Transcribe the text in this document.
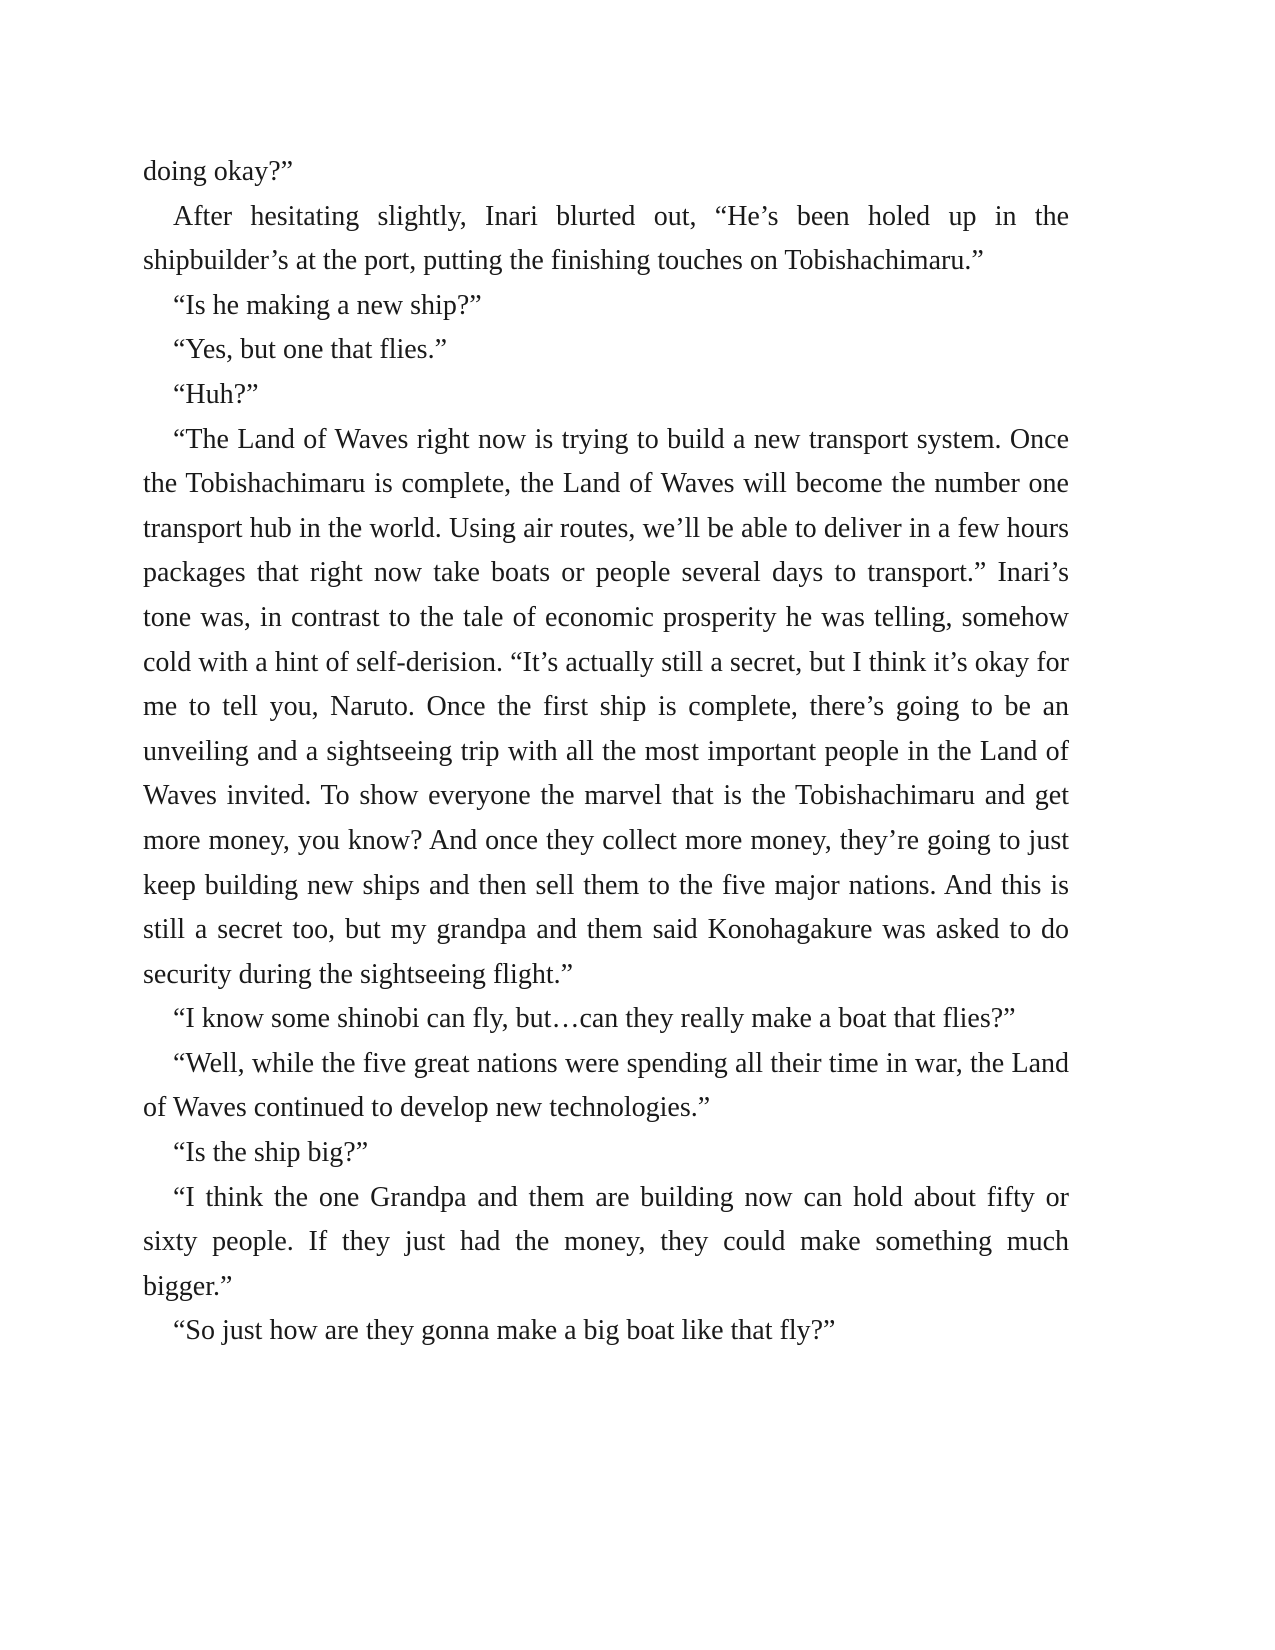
doing okay?”

After hesitating slightly, Inari blurted out, “He’s been holed up in the shipbuilder’s at the port, putting the finishing touches on Tobishachimaru.”

“Is he making a new ship?”

“Yes, but one that flies.”

“Huh?”

“The Land of Waves right now is trying to build a new transport system. Once the Tobishachimaru is complete, the Land of Waves will become the number one transport hub in the world. Using air routes, we’ll be able to deliver in a few hours packages that right now take boats or people several days to transport.” Inari’s tone was, in contrast to the tale of economic prosperity he was telling, somehow cold with a hint of self-derision. “It’s actually still a secret, but I think it’s okay for me to tell you, Naruto. Once the first ship is complete, there’s going to be an unveiling and a sightseeing trip with all the most important people in the Land of Waves invited. To show everyone the marvel that is the Tobishachimaru and get more money, you know? And once they collect more money, they’re going to just keep building new ships and then sell them to the five major nations. And this is still a secret too, but my grandpa and them said Konohagakure was asked to do security during the sightseeing flight.”

“I know some shinobi can fly, but…can they really make a boat that flies?”

“Well, while the five great nations were spending all their time in war, the Land of Waves continued to develop new technologies.”

“Is the ship big?”

“I think the one Grandpa and them are building now can hold about fifty or sixty people. If they just had the money, they could make something much bigger.”

“So just how are they gonna make a big boat like that fly?”
